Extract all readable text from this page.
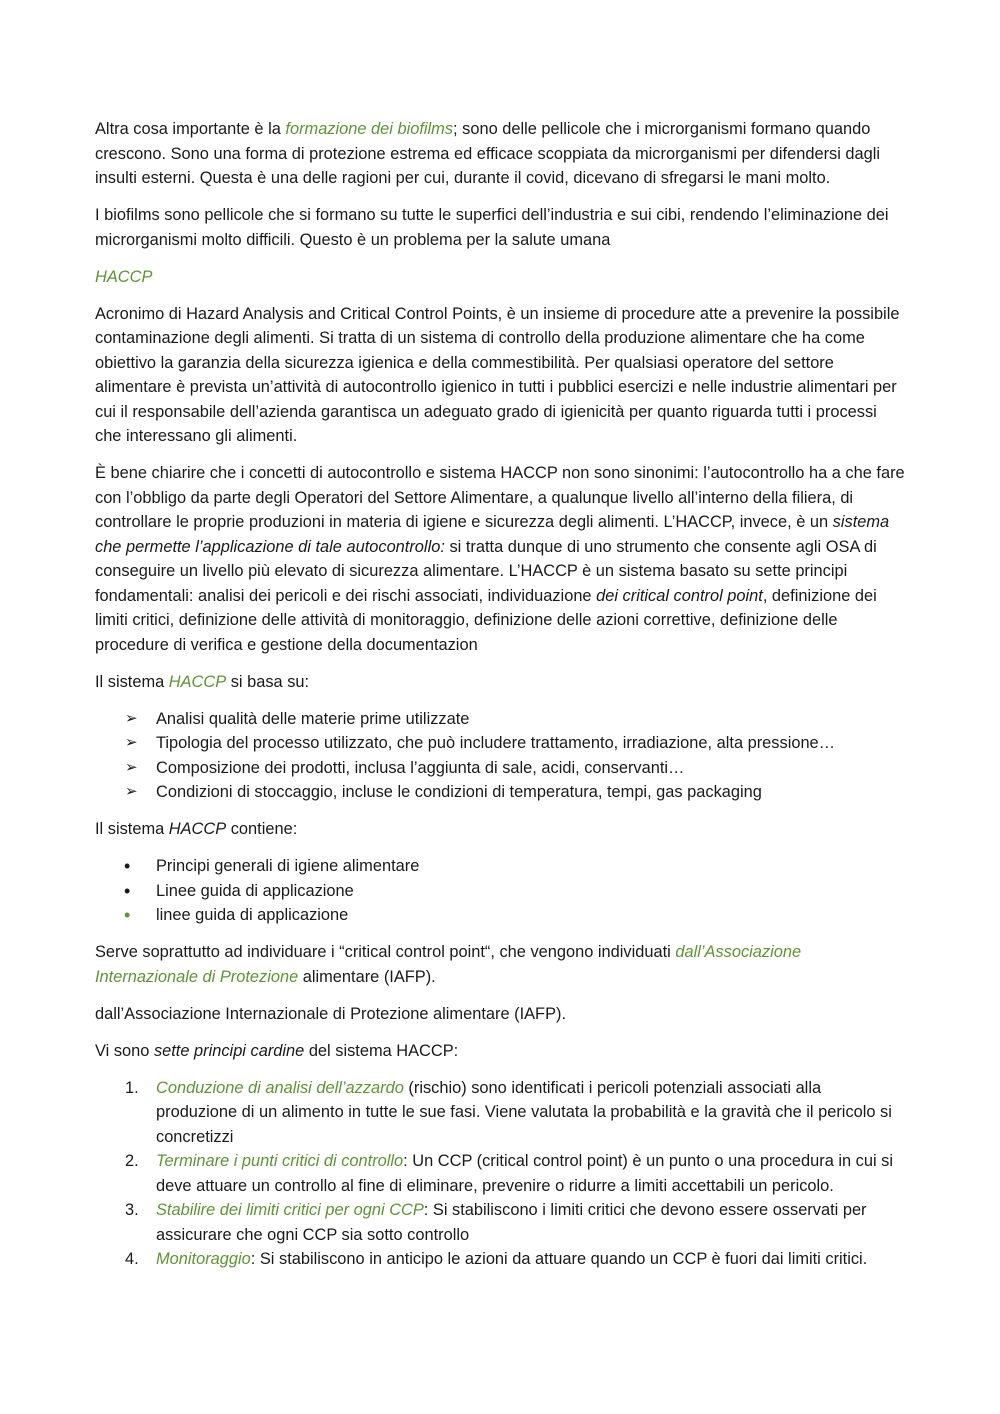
Altra cosa importante è la formazione dei biofilms; sono delle pellicole che i microrganismi formano quando crescono. Sono una forma di protezione estrema ed efficace scoppiata da microrganismi per difendersi dagli insulti esterni. Questa è una delle ragioni per cui, durante il covid, dicevano di sfregarsi le mani molto.

I biofilms sono pellicole che si formano su tutte le superfici dell’industria e sui cibi, rendendo l’eliminazione dei microrganismi molto difficili. Questo è un problema per la salute umana

HACCP

Acronimo di Hazard Analysis and Critical Control Points, è un insieme di procedure atte a prevenire la possibile contaminazione degli alimenti. Si tratta di un sistema di controllo della produzione alimentare che ha come obiettivo la garanzia della sicurezza igienica e della commestibilità. Per qualsiasi operatore del settore alimentare è prevista un’attività di autocontrollo igienico in tutti i pubblici esercizi e nelle industrie alimentari per cui il responsabile dell’azienda garantisca un adeguato grado di igienicità per quanto riguarda tutti i processi che interessano gli alimenti.

È bene chiarire che i concetti di autocontrollo e sistema HACCP non sono sinonimi: l’autocontrollo ha a che fare con l’obbligo da parte degli Operatori del Settore Alimentare, a qualunque livello all’interno della filiera, di controllare le proprie produzioni in materia di igiene e sicurezza degli alimenti. L’HACCP, invece, è un sistema che permette l’applicazione di tale autocontrollo: si tratta dunque di uno strumento che consente agli OSA di conseguire un livello più elevato di sicurezza alimentare. L’HACCP è un sistema basato su sette principi fondamentali: analisi dei pericoli e dei rischi associati, individuazione dei critical control point, definizione dei limiti critici, definizione delle attività di monitoraggio, definizione delle azioni correttive, definizione delle procedure di verifica e gestione della documentazion

Il sistema HACCP si basa su:

➢ Analisi qualità delle materie prime utilizzate
➢ Tipologia del processo utilizzato, che può includere trattamento, irradiazione, alta pressione…
➢ Composizione dei prodotti, inclusa l’aggiunta di sale, acidi, conservanti…
➢ Condizioni di stoccaggio, incluse le condizioni di temperatura, tempi, gas packaging

Il sistema HACCP contiene:

• Principi generali di igiene alimentare
• Linee guida di applicazione
• linee guida di applicazione

Serve soprattutto ad individuare i “critical control point“, che vengono individuati dall’Associazione Internazionale di Protezione alimentare (IAFP).

dall’Associazione Internazionale di Protezione alimentare (IAFP).

Vi sono sette principi cardine del sistema HACCP:

1. Conduzione di analisi dell’azzardo (rischio) sono identificati i pericoli potenziali associati alla produzione di un alimento in tutte le sue fasi. Viene valutata la probabilità e la gravità che il pericolo si concretizzi
2. Terminare i punti critici di controllo: Un CCP (critical control point) è un punto o una procedura in cui si deve attuare un controllo al fine di eliminare, prevenire o ridurre a limiti accettabili un pericolo.
3. Stabilire dei limiti critici per ogni CCP: Si stabiliscono i limiti critici che devono essere osservati per assicurare che ogni CCP sia sotto controllo
4. Monitoraggio: Si stabiliscono in anticipo le azioni da attuare quando un CCP è fuori dai limiti critici.
